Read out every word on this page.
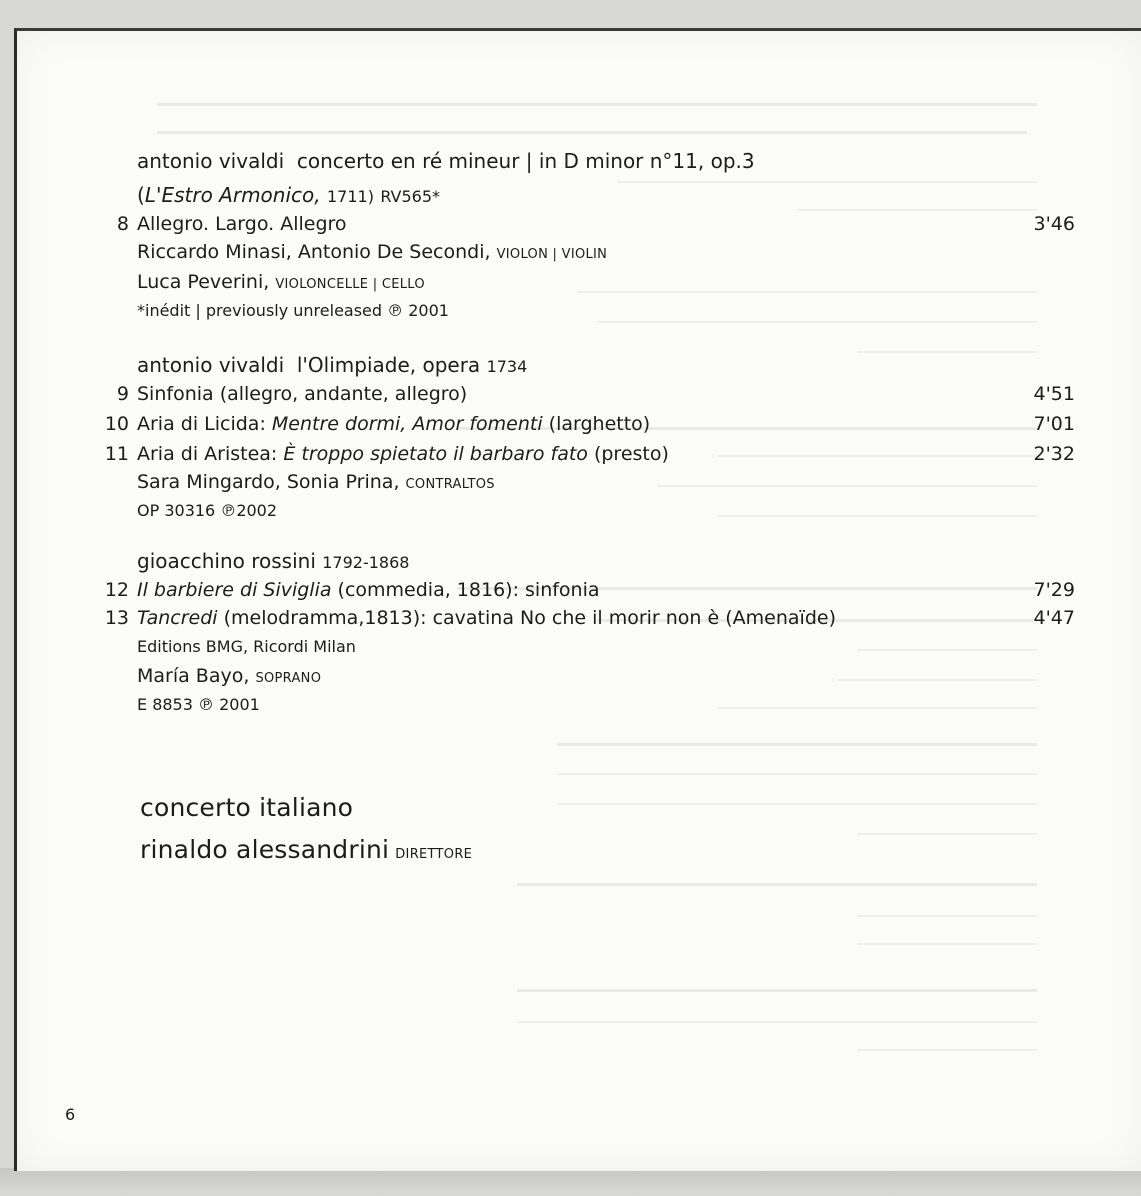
antonio vivaldi concerto en ré mineur | in D minor n°11, op.3
(L'Estro Armonico, 1711) RV565*
8 Allegro. Largo. Allegro	3'46
Riccardo Minasi, Antonio De Secondi, VIOLON | VIOLIN
Luca Peverini, VIOLONCELLE | CELLO
*inédit | previously unreleased ℗ 2001
antonio vivaldi l'Olimpiade, opera 1734
9 Sinfonia (allegro, andante, allegro)	4'51
10 Aria di Licida: Mentre dormi, Amor fomenti (larghetto)	7'01
11 Aria di Aristea: È troppo spietato il barbaro fato (presto)	2'32
Sara Mingardo, Sonia Prina, CONTRALTOS
OP 30316 ℗2002
gioacchino rossini 1792-1868
12 Il barbiere di Siviglia (commedia, 1816): sinfonia	7'29
13 Tancredi (melodramma,1813): cavatina No che il morir non è (Amenaïde)	4'47
Editions BMG, Ricordi Milan
María Bayo, SOPRANO
E 8853 ℗ 2001
concerto italiano
rinaldo alessandrini DIRETTORE
6
